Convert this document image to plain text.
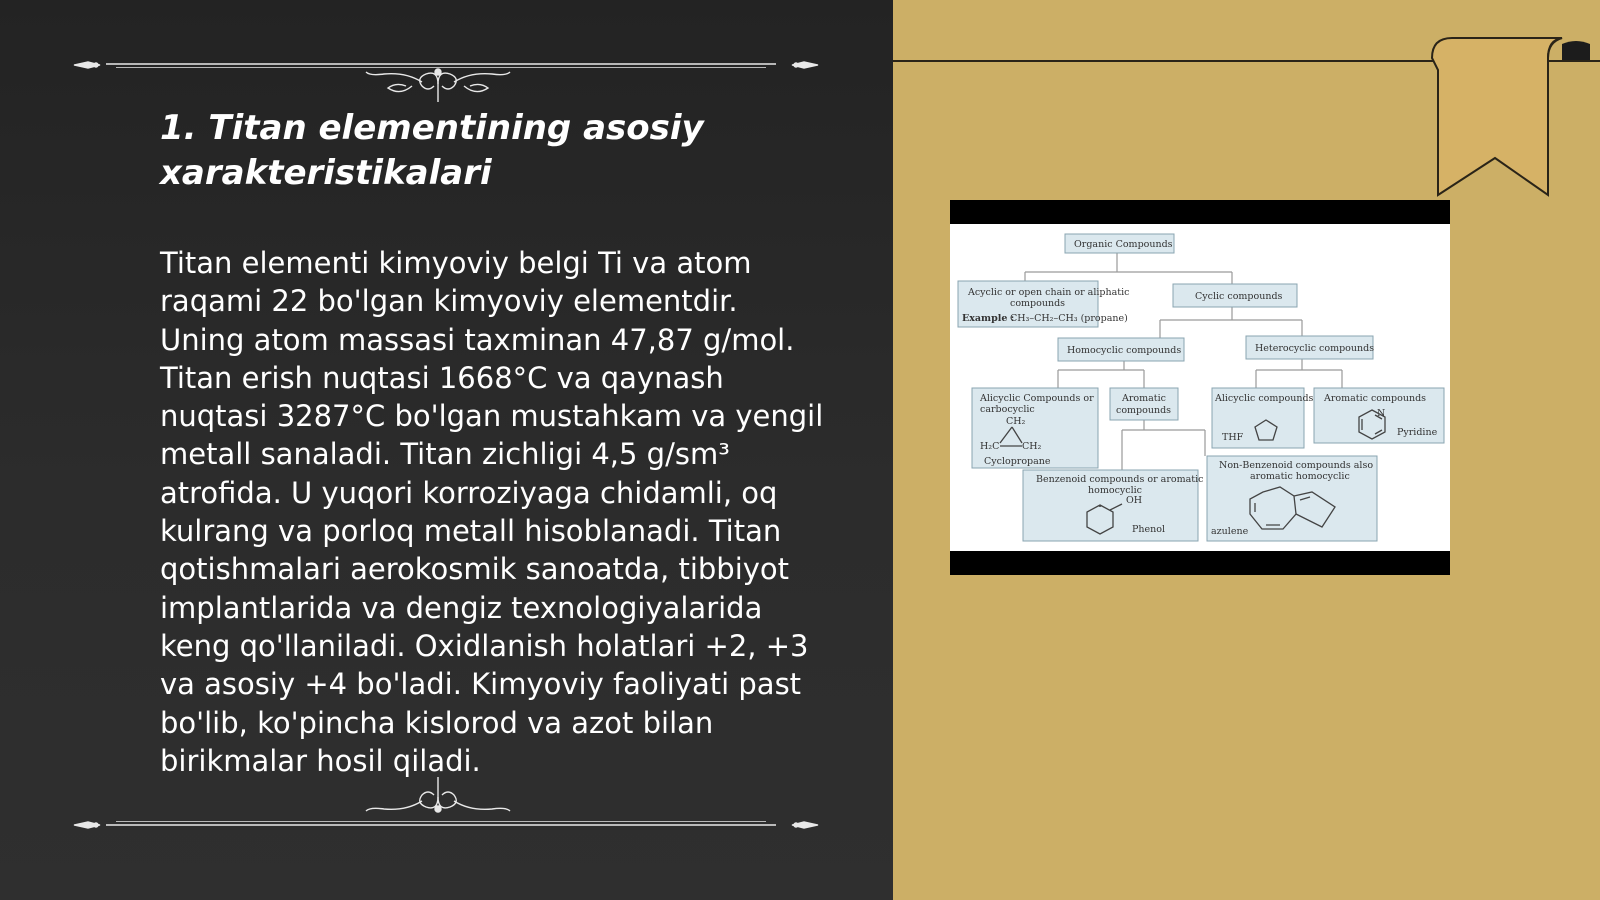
1. Titan elementining asosiy xarakteristikalari

Titan elementi kimyoviy belgi Ti va atom
raqami 22 bo'lgan kimyoviy elementdir.
Uning atom massasi taxminan 47,87 g/mol.
Titan erish nuqtasi 1668°C va qaynash
nuqtasi 3287°C bo'lgan mustahkam va yengil
metall sanaladi. Titan zichligi 4,5 g/sm³
atrofida. U yuqori korroziyaga chidamli, oq
kulrang va porloq metall hisoblanadi. Titan
qotishmalari aerokosmik sanoatda, tibbiyot
implantlarida va dengiz texnologiyalarida
keng qo'llaniladi. Oxidlanish holatlari +2, +3
va asosiy +4 bo'ladi. Kimyoviy faoliyati past
bo'lib, ko'pincha kislorod va azot bilan
birikmalar hosil qiladi.

Organic Compounds
Acyclic or open chain or aliphatic
compounds
Example :
CH₃–CH₂–CH₃ (propane)
Cyclic compounds
Homocyclic compounds	Heterocyclic compounds
Alicyclic Compounds or
carbocyclic
CH₂
H₂C CH₂
Cyclopropane
Aromatic
compounds
Alicyclic compounds
THF
Aromatic compounds
N
Pyridine
Benzenoid compounds or aromatic
homocyclic
OH
Phenol
Non-Benzenoid compounds also
aromatic homocyclic
azulene
